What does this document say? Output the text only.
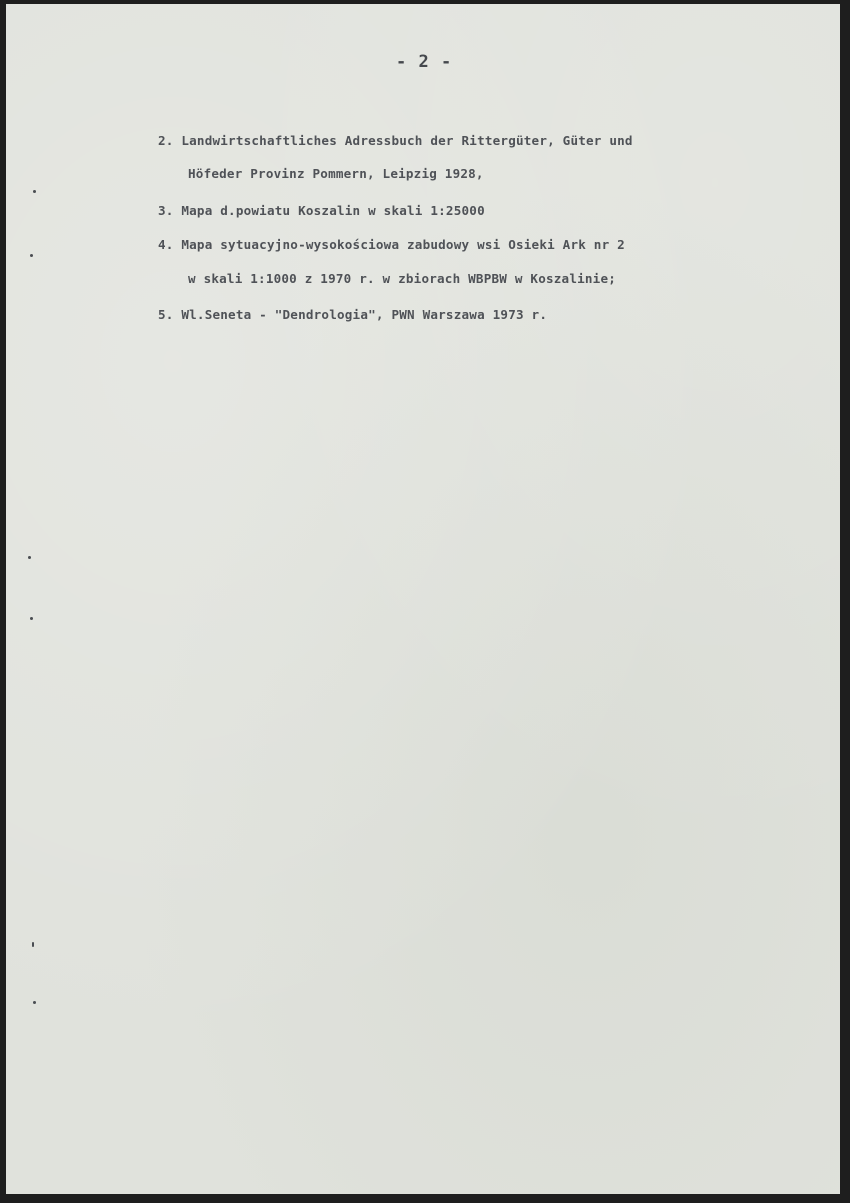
- 2 -
2. Landwirtschaftliches Adressbuch der Rittergüter, Güter und
Höfeder Provinz Pommern, Leipzig 1928,
3. Mapa d.powiatu Koszalin w skali 1:25000
4. Mapa sytuacyjno-wysokościowa zabudowy wsi Osieki Ark nr 2
w skali 1:1000 z 1970 r. w zbiorach WBPBW w Koszalinie;
5. Wl.Seneta - "Dendrologia", PWN Warszawa 1973 r.
